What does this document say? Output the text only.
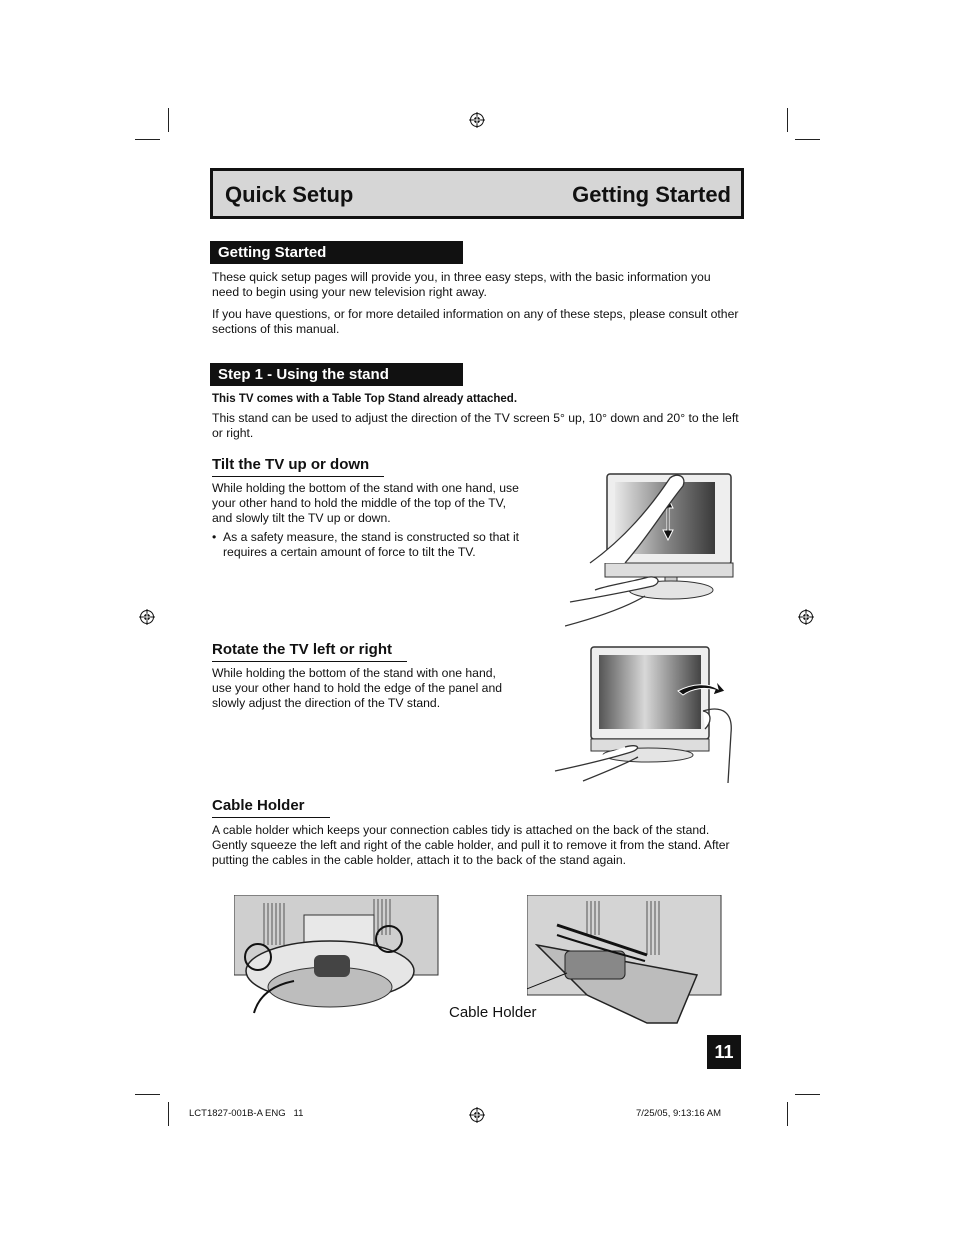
Quick Setup	Getting Started
Getting Started
These quick setup pages will provide you, in three easy steps, with the basic information you need to begin using your new television right away.
If you have questions, or for more detailed information on any of these steps, please consult other sections of this manual.
Step 1 - Using the stand
This TV comes with a Table Top Stand already attached.
This stand can be used to adjust the direction of the TV screen 5° up, 10° down and 20° to the left or right.
Tilt the TV up or down
While holding the bottom of the stand with one hand, use your other hand to hold the middle of the top of the TV, and slowly tilt the TV up or down.
• As a safety measure, the stand is constructed so that it requires a certain amount of force to tilt the TV.
Rotate the TV left or right
While holding the bottom of the stand with one hand, use your other hand to hold the edge of the panel and slowly adjust the direction of the TV stand.
Cable Holder
A cable holder which keeps your connection cables tidy is attached on the back of the stand. Gently squeeze the left and right of the cable holder, and pull it to remove it from the stand. After putting the cables in the cable holder, attach it to the back of the stand again.
Cable Holder
11
LCT1827-001B-A ENG   11	7/25/05, 9:13:16 AM
